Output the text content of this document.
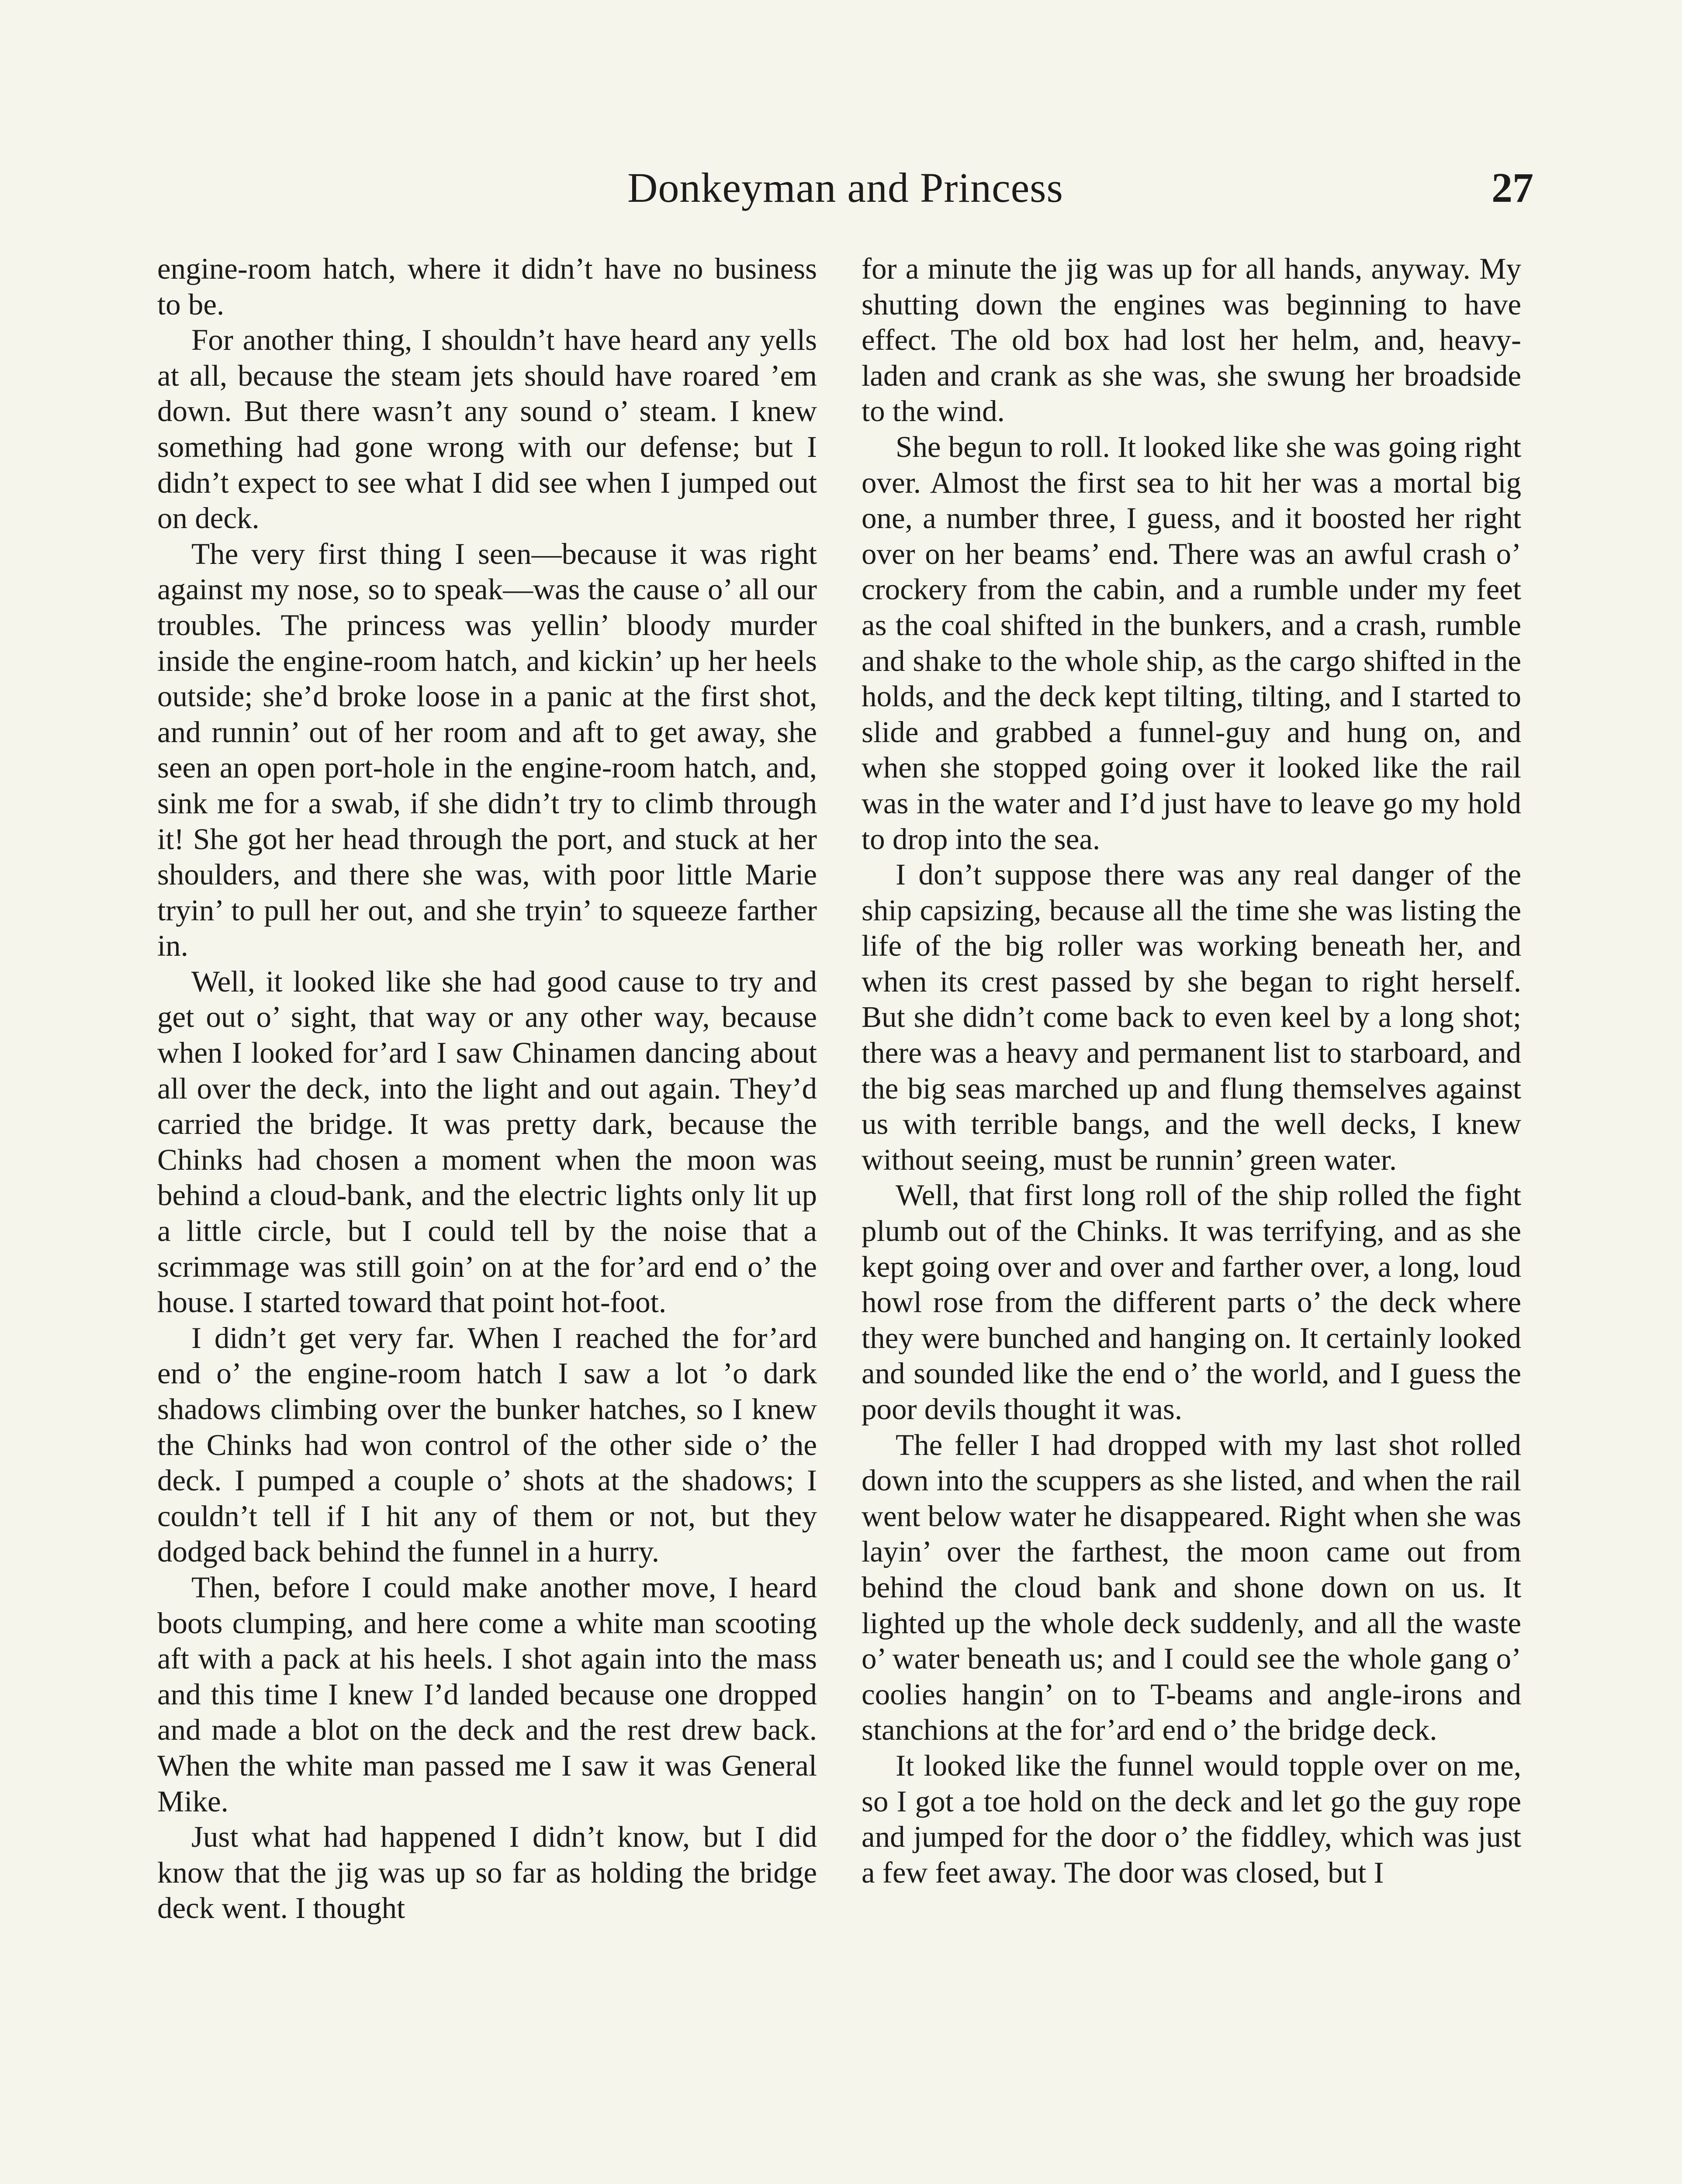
Donkeyman and Princess	27

engine-room hatch, where it didn’t have no business to be.

For another thing, I shouldn’t have heard any yells at all, because the steam jets should have roared ’em down. But there wasn’t any sound o’ steam. I knew something had gone wrong with our defense; but I didn’t expect to see what I did see when I jumped out on deck.

The very first thing I seen—because it was right against my nose, so to speak—was the cause o’ all our troubles. The princess was yellin’ bloody murder inside the engine-room hatch, and kickin’ up her heels outside; she’d broke loose in a panic at the first shot, and runnin’ out of her room and aft to get away, she seen an open port-hole in the engine-room hatch, and, sink me for a swab, if she didn’t try to climb through it! She got her head through the port, and stuck at her shoulders, and there she was, with poor little Marie tryin’ to pull her out, and she tryin’ to squeeze farther in.

Well, it looked like she had good cause to try and get out o’ sight, that way or any other way, because when I looked for’ard I saw Chinamen dancing about all over the deck, into the light and out again. They’d carried the bridge. It was pretty dark, because the Chinks had chosen a moment when the moon was behind a cloud-bank, and the electric lights only lit up a little circle, but I could tell by the noise that a scrimmage was still goin’ on at the for’ard end o’ the house. I started toward that point hot-foot.

I didn’t get very far. When I reached the for’ard end o’ the engine-room hatch I saw a lot ’o dark shadows climbing over the bunker hatches, so I knew the Chinks had won control of the other side o’ the deck. I pumped a couple o’ shots at the shadows; I couldn’t tell if I hit any of them or not, but they dodged back behind the funnel in a hurry.

Then, before I could make another move, I heard boots clumping, and here come a white man scooting aft with a pack at his heels. I shot again into the mass and this time I knew I’d landed because one dropped and made a blot on the deck and the rest drew back. When the white man passed me I saw it was General Mike.

Just what had happened I didn’t know, but I did know that the jig was up so far as holding the bridge deck went. I thought

for a minute the jig was up for all hands, anyway. My shutting down the engines was beginning to have effect. The old box had lost her helm, and, heavy-laden and crank as she was, she swung her broadside to the wind.

She begun to roll. It looked like she was going right over. Almost the first sea to hit her was a mortal big one, a number three, I guess, and it boosted her right over on her beams’ end. There was an awful crash o’ crockery from the cabin, and a rumble under my feet as the coal shifted in the bunkers, and a crash, rumble and shake to the whole ship, as the cargo shifted in the holds, and the deck kept tilting, tilting, and I started to slide and grabbed a funnel-guy and hung on, and when she stopped going over it looked like the rail was in the water and I’d just have to leave go my hold to drop into the sea.

I don’t suppose there was any real danger of the ship capsizing, because all the time she was listing the life of the big roller was working beneath her, and when its crest passed by she began to right herself. But she didn’t come back to even keel by a long shot; there was a heavy and permanent list to starboard, and the big seas marched up and flung themselves against us with terrible bangs, and the well decks, I knew without seeing, must be runnin’ green water.

Well, that first long roll of the ship rolled the fight plumb out of the Chinks. It was terrifying, and as she kept going over and over and farther over, a long, loud howl rose from the different parts o’ the deck where they were bunched and hanging on. It certainly looked and sounded like the end o’ the world, and I guess the poor devils thought it was.

The feller I had dropped with my last shot rolled down into the scuppers as she listed, and when the rail went below water he disappeared. Right when she was layin’ over the farthest, the moon came out from behind the cloud bank and shone down on us. It lighted up the whole deck suddenly, and all the waste o’ water beneath us; and I could see the whole gang o’ coolies hangin’ on to T-beams and angle-irons and stanchions at the for’ard end o’ the bridge deck.

It looked like the funnel would topple over on me, so I got a toe hold on the deck and let go the guy rope and jumped for the door o’ the fiddley, which was just a few feet away. The door was closed, but I
